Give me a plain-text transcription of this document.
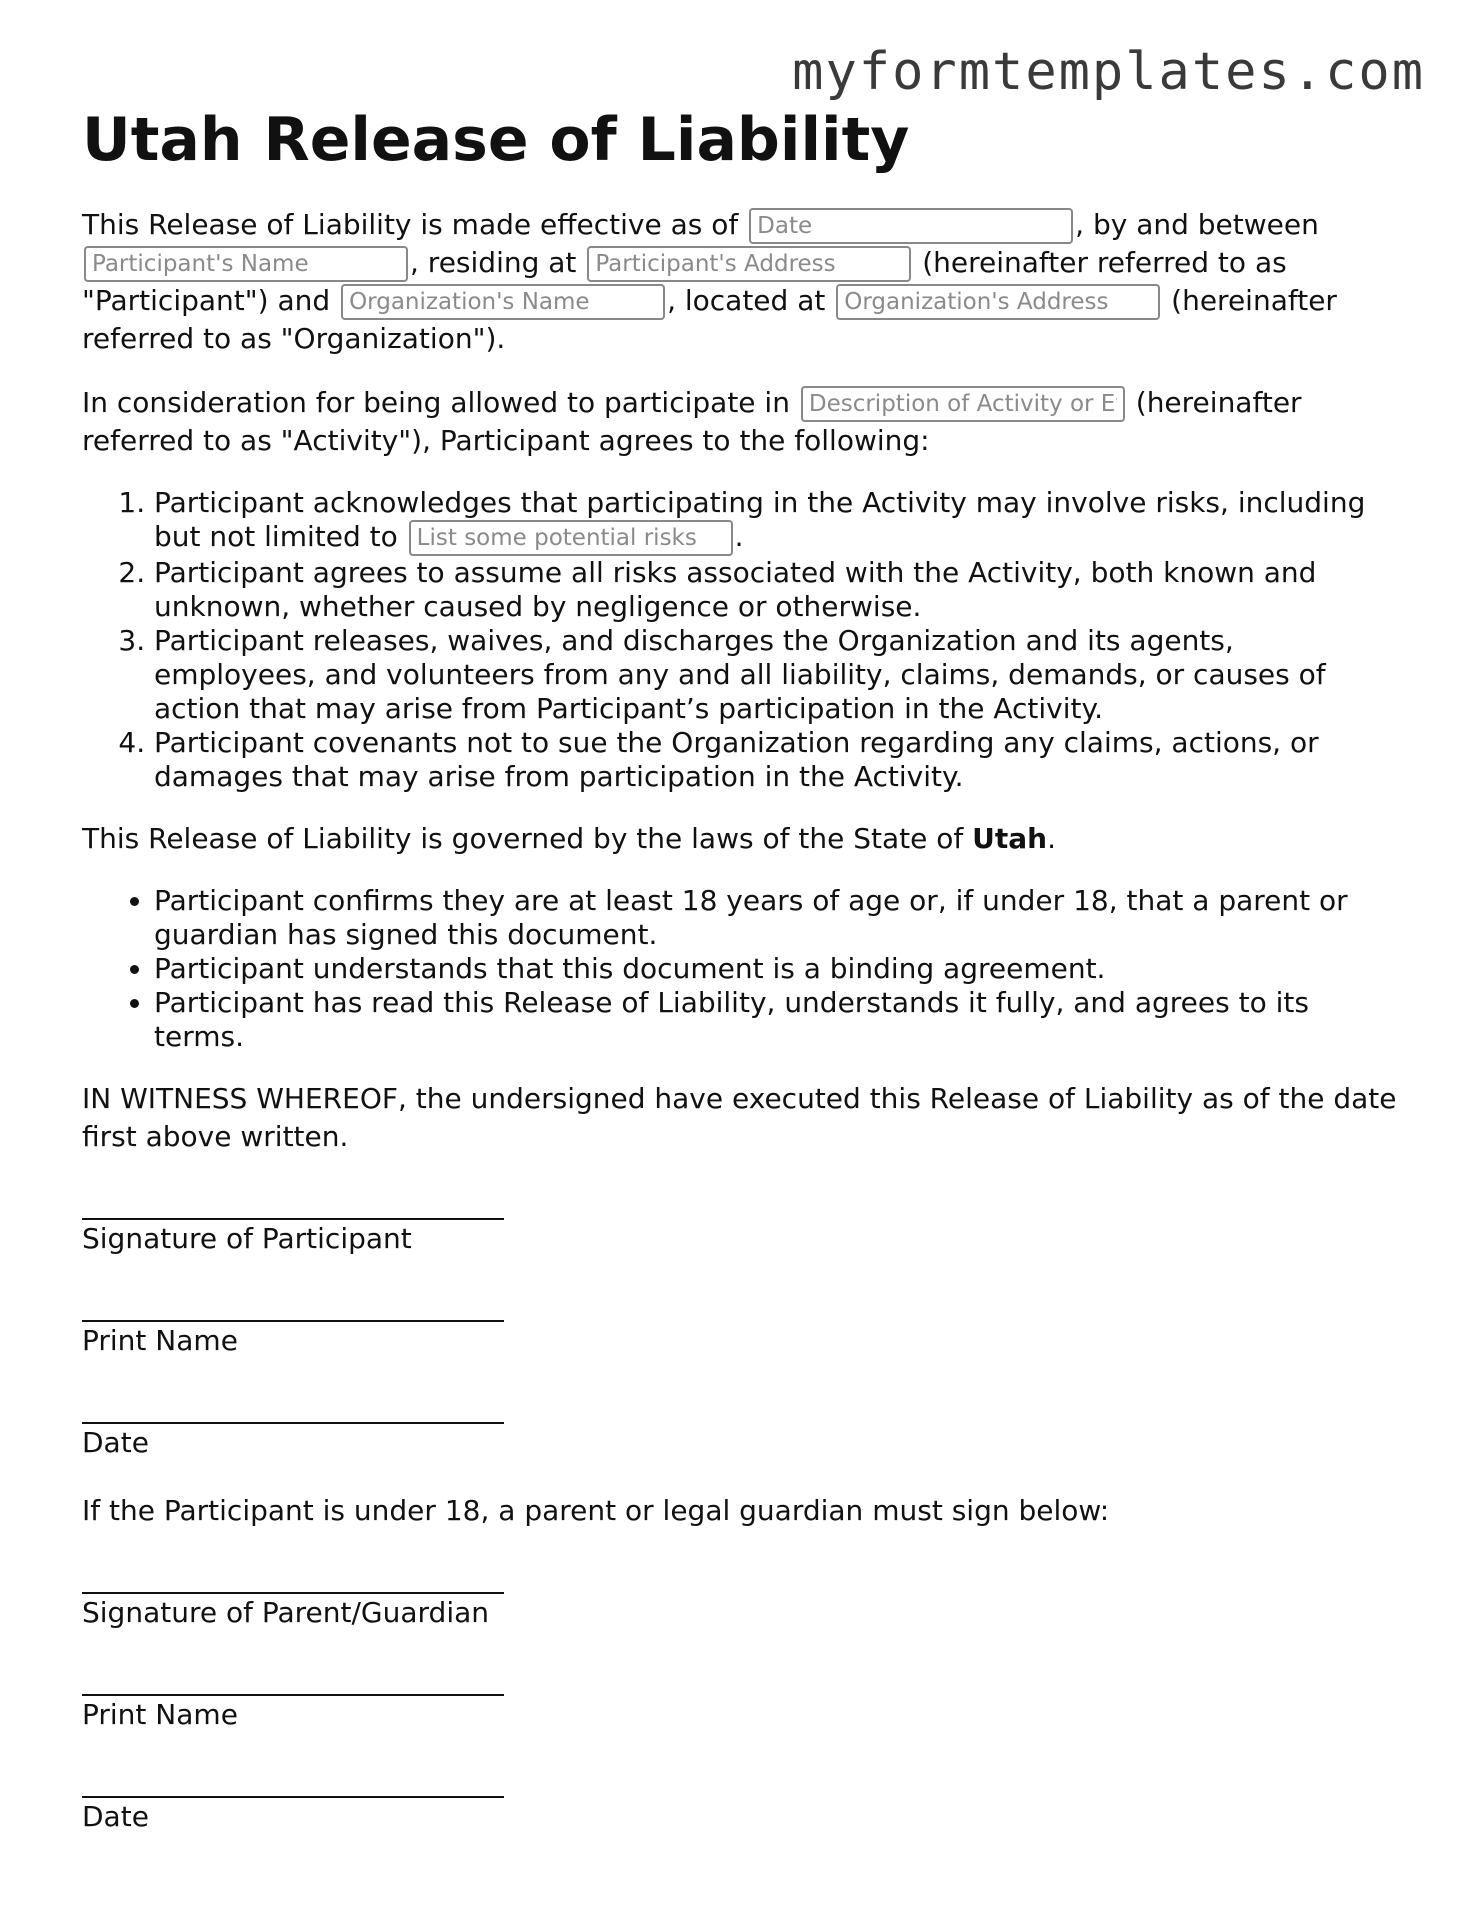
myformtemplates.com
Utah Release of Liability

This Release of Liability is made effective as of Date	, by and between Participant's Name, residing at Participant's Address	(hereinafter referred to as "Participant") and Organization's Name	, located at Organization's Address	(hereinafter referred to as "Organization").

In consideration for being allowed to participate in Description of Activity or Event	(hereinafter referred to as "Activity"), Participant agrees to the following:

1. Participant acknowledges that participating in the Activity may involve risks, including but not limited to List some potential risks	.
2. Participant agrees to assume all risks associated with the Activity, both known and unknown, whether caused by negligence or otherwise.
3. Participant releases, waives, and discharges the Organization and its agents, employees, and volunteers from any and all liability, claims, demands, or causes of action that may arise from Participant’s participation in the Activity.
4. Participant covenants not to sue the Organization regarding any claims, actions, or damages that may arise from participation in the Activity.

This Release of Liability is governed by the laws of the State of Utah.

• Participant confirms they are at least 18 years of age or, if under 18, that a parent or guardian has signed this document.
• Participant understands that this document is a binding agreement.
• Participant has read this Release of Liability, understands it fully, and agrees to its terms.

IN WITNESS WHEREOF, the undersigned have executed this Release of Liability as of the date first above written.

Signature of Participant
Print Name
Date

If the Participant is under 18, a parent or legal guardian must sign below:

Signature of Parent/Guardian
Print Name
Date
